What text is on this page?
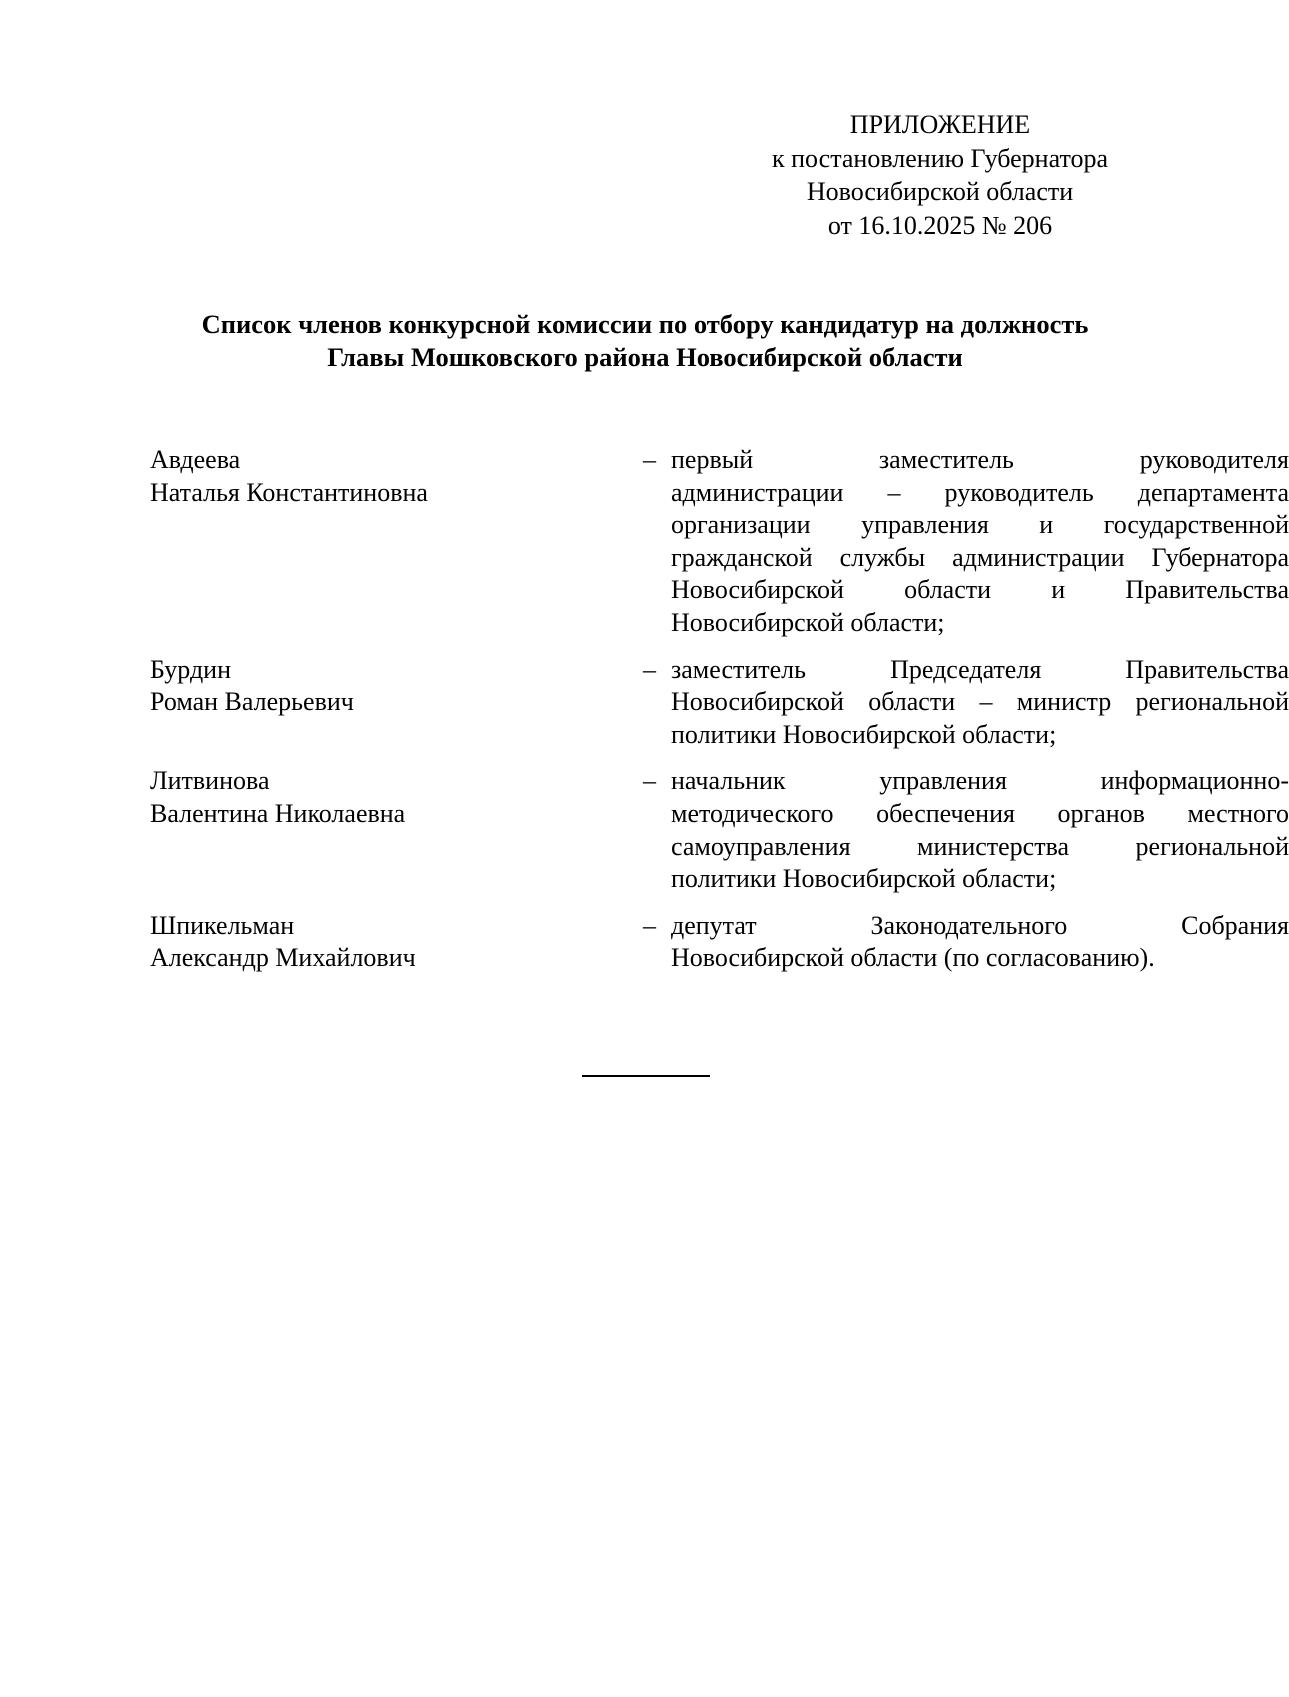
ПРИЛОЖЕНИЕ
к постановлению Губернатора
Новосибирской области
от 16.10.2025 № 206
Список членов конкурсной комиссии по отбору кандидатур на должность
Главы Мошковского района Новосибирской области
Авдеева
Наталья Константиновна
– первый заместитель руководителя
администрации – руководитель департамента
организации управления и государственной
гражданской службы администрации Губернатора
Новосибирской области и Правительства
Новосибирской области;
Бурдин
Роман Валерьевич
– заместитель Председателя Правительства
Новосибирской области – министр региональной
политики Новосибирской области;
Литвинова
Валентина Николаевна
– начальник управления информационно-
методического обеспечения органов местного
самоуправления министерства региональной
политики Новосибирской области;
Шпикельман
Александр Михайлович
– депутат Законодательного Собрания
Новосибирской области (по согласованию).
